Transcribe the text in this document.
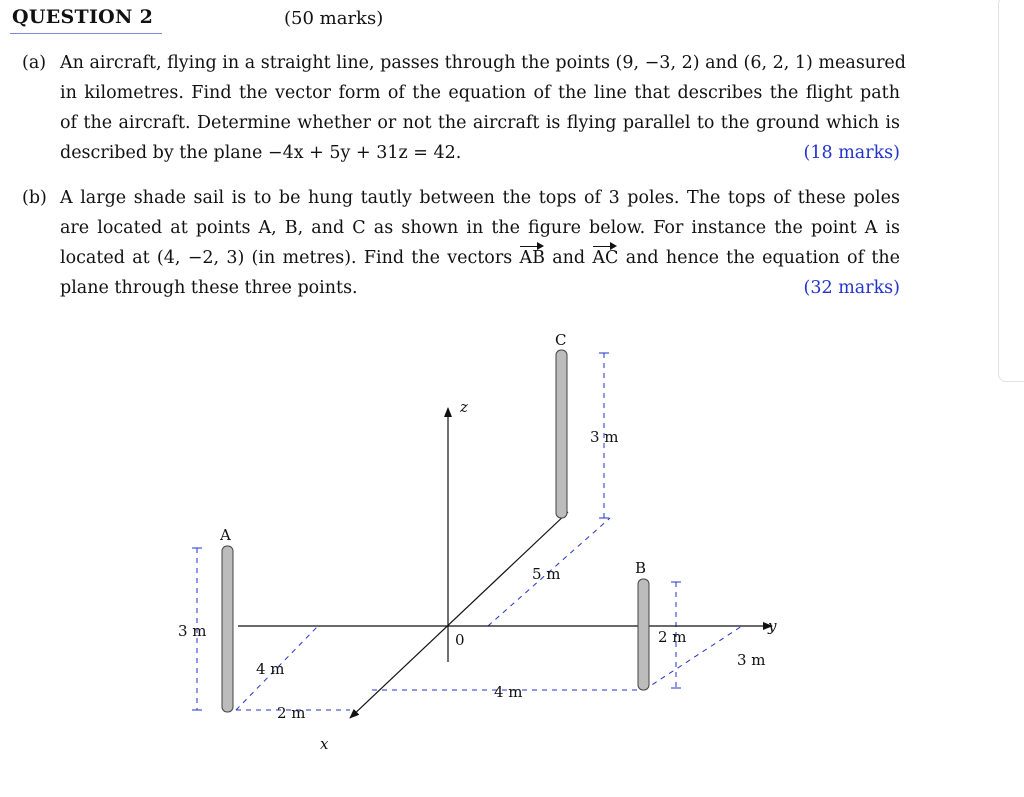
QUESTION 2	(50 marks)
(a) An aircraft, flying in a straight line, passes through the points (9, −3, 2) and (6, 2, 1) measured
in kilometres. Find the vector form of the equation of the line that describes the flight path
of the aircraft. Determine whether or not the aircraft is flying parallel to the ground which is
described by the plane −4x + 5y + 31z = 42.	(18 marks)
(b) A large shade sail is to be hung tautly between the tops of 3 poles. The tops of these poles
are located at points A, B, and C as shown in the figure below. For instance the point A is
located at (4, −2, 3) (in metres). Find the vectors AB and AC and hence the equation of the
plane through these three points.	(32 marks)
z
y
x
0
A
B
C
3 m
4 m
2 m
3 m
5 m
2 m
3 m
4 m
